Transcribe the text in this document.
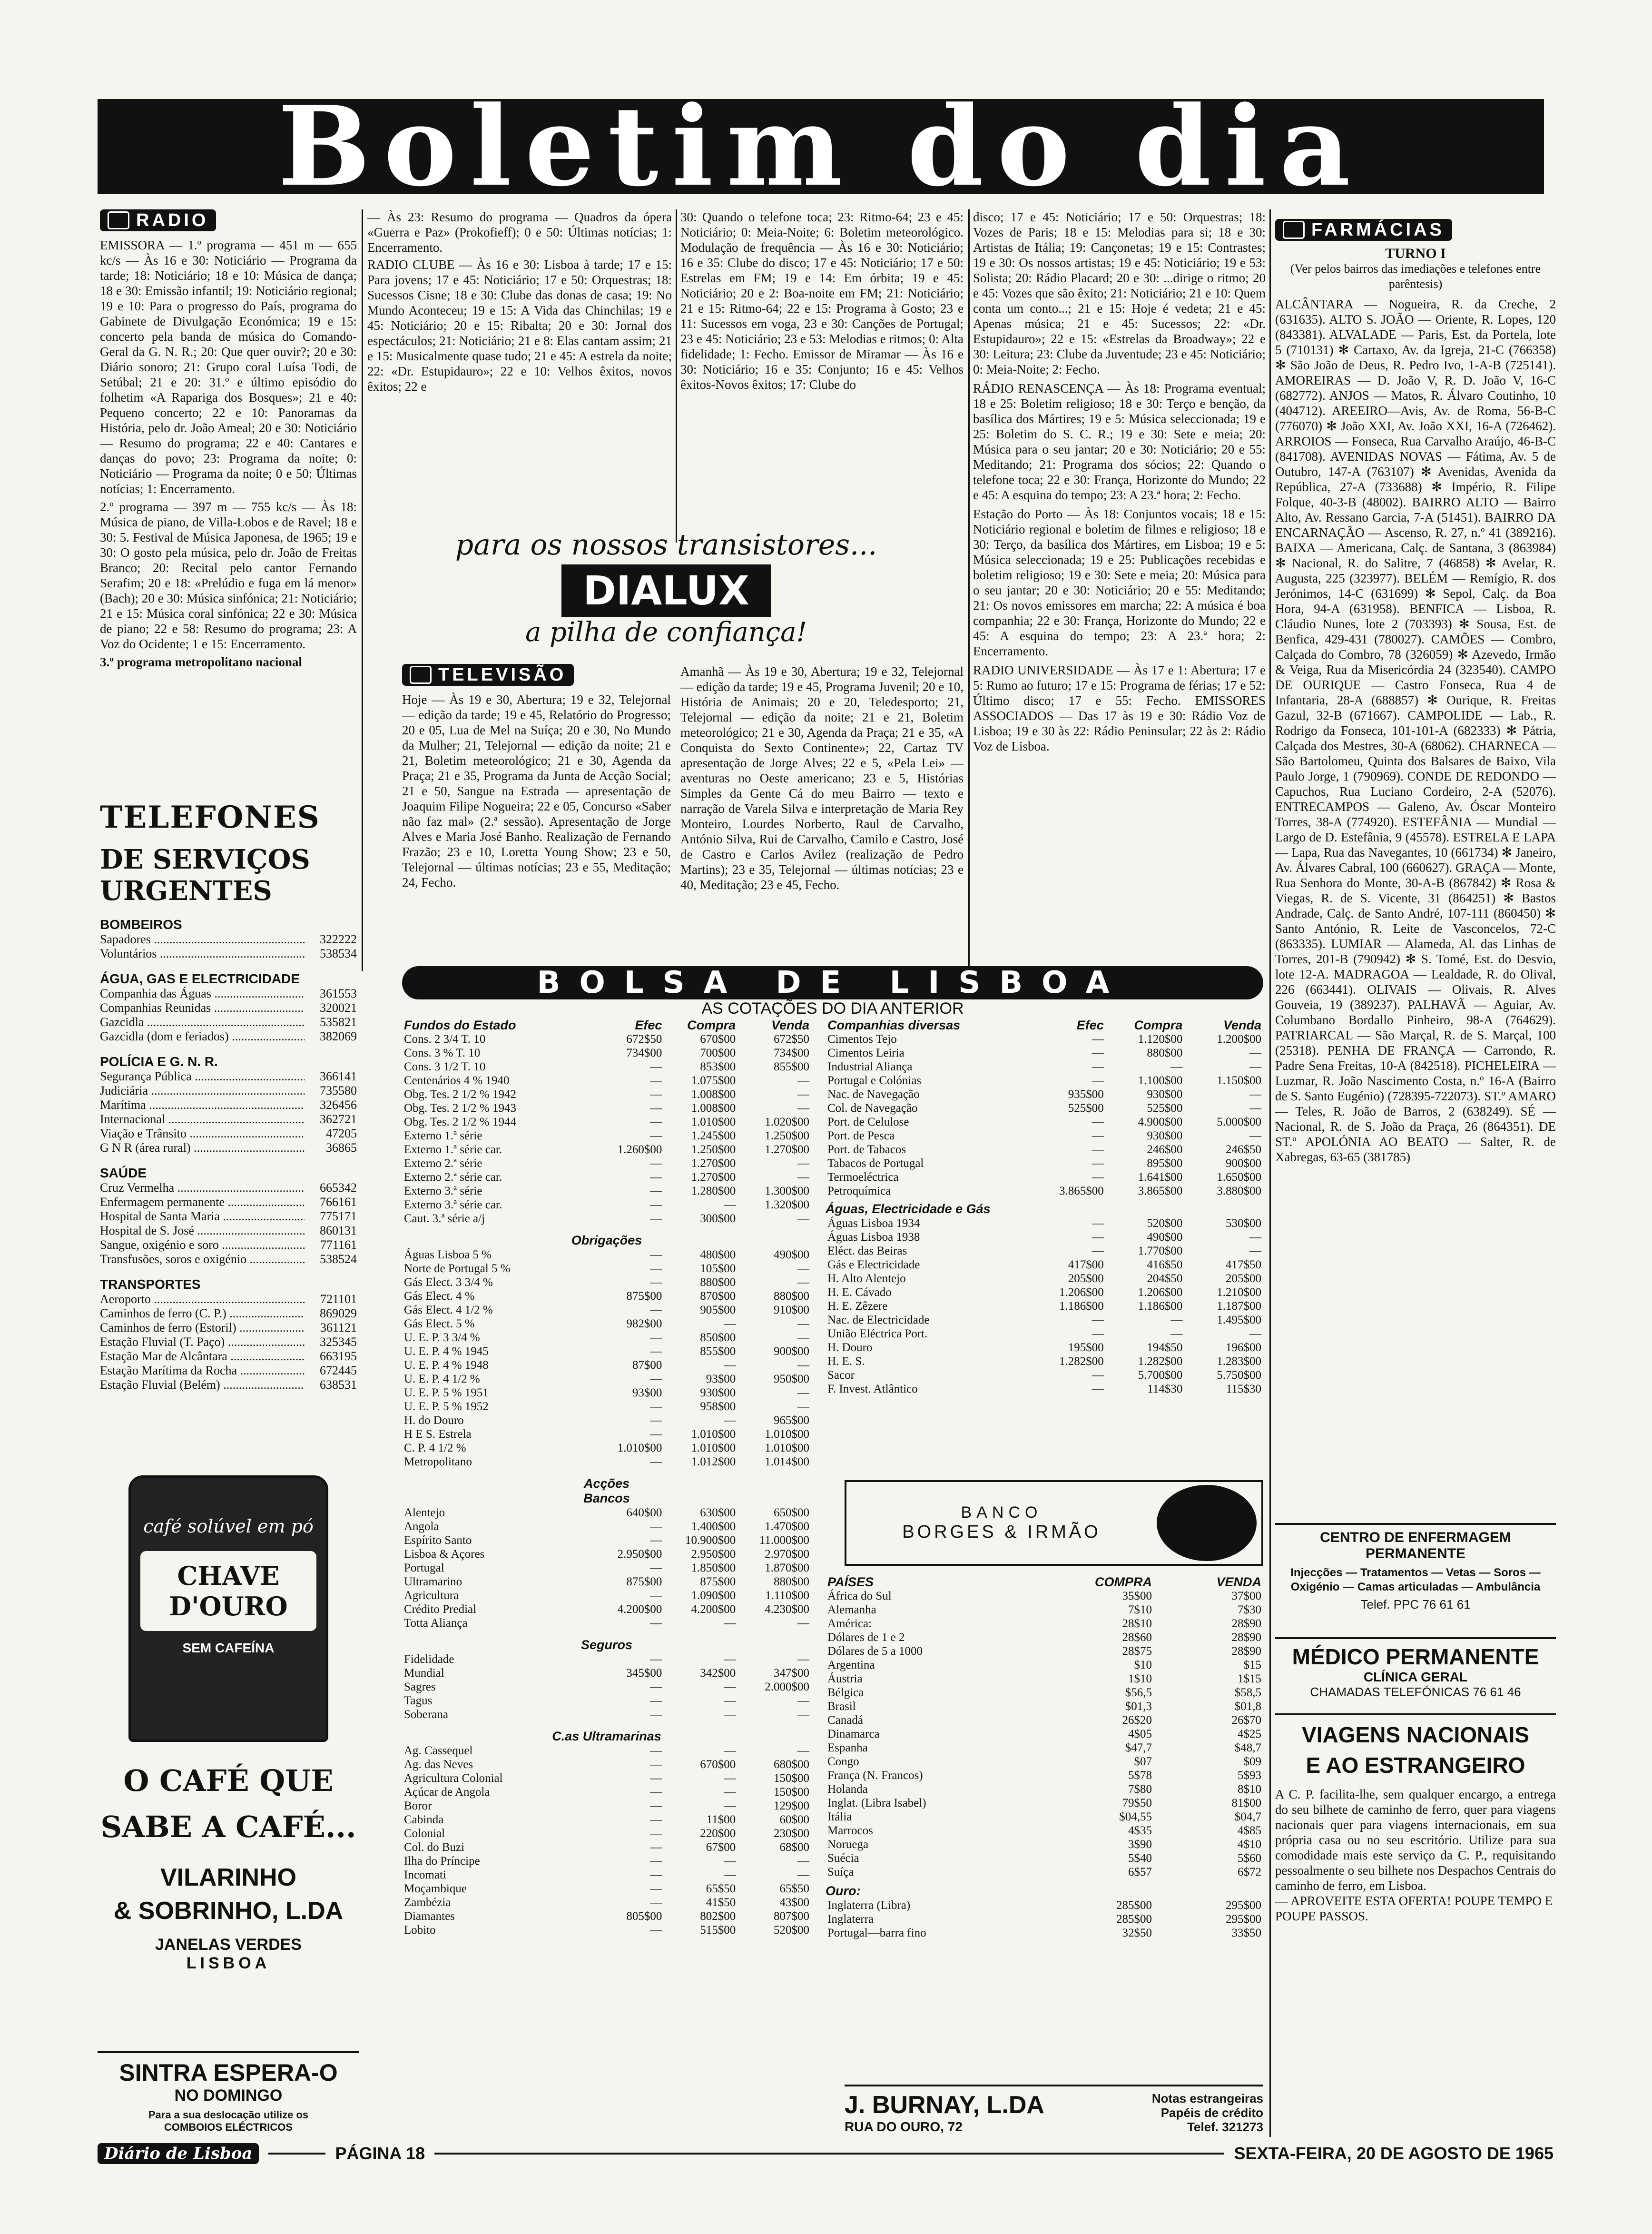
Boletim do dia
RADIO

EMISSORA — 1.º programa — 451 m — 655 kc/s — Às 16 e 30: Noticiário — Programa da tarde; 18: Noticiário; 18 e 10: Música de dança; 18 e 30: Emissão infantil; 19: Noticiário regional; 19 e 10: Para o progresso do País, programa do Gabinete de Divulgação Económica; 19 e 15: concerto pela banda de música do Comando-Geral da G. N. R.; 20: Que quer ouvir?; 20 e 30: Diário sonoro; 21: Grupo coral Luísa Todi, de Setúbal; 21 e 20: 31.º e último episódio do folhetim «A Rapariga dos Bosques»; 21 e 40: Pequeno concerto; 22 e 10: Panoramas da História, pelo dr. João Ameal; 20 e 30: Noticiário — Resumo do programa; 22 e 40: Cantares e danças do povo; 23: Programa da noite; 0: Noticiário — Programa da noite; 0 e 50: Últimas notícias; 1: Encerramento.

2.º programa — 397 m — 755 kc/s — Às 18: Música de piano, de Villa-Lobos e de Ravel; 18 e 30: 5. Festival de Música Japonesa, de 1965; 19 e 30: O gosto pela música, pelo dr. João de Freitas Branco; 20: Recital pelo cantor Fernando Serafim; 20 e 18: «Prelúdio e fuga em lá menor» (Bach); 20 e 30: Música sinfónica; 21: Noticiário; 21 e 15: Música coral sinfónica; 22 e 30: Música de piano; 22 e 58: Resumo do programa; 23: A Voz do Ocidente; 1 e 15: Encerramento.

3.º programa metropolitano nacional

— Às 23: Resumo do programa — Quadros da ópera «Guerra e Paz» (Prokofieff); 0 e 50: Últimas notícias; 1: Encerramento.

RADIO CLUBE — Às 16 e 30: Lisboa à tarde; 17 e 15: Para jovens; 17 e 45: Noticiário; 17 e 50: Orquestras; 18: Sucessos Cisne; 18 e 30: Clube das donas de casa; 19: No Mundo Aconteceu; 19 e 15: A Vida das Chinchilas; 19 e 45: Noticiário; 20 e 15: Ribalta; 20 e 30: Jornal dos espectáculos; 21: Noticiário; 21 e 8: Elas cantam assim; 21 e 15: Musicalmente quase tudo; 21 e 45: A estrela da noite; 22: «Dr. Estupidauro»; 22 e 10: Velhos êxitos, novos êxitos; 22 e

30: Quando o telefone toca; 23: Ritmo-64; 23 e 45: Noticiário; 0: Meia-Noite; 6: Boletim meteorológico. Modulação de frequência — Às 16 e 30: Noticiário; 16 e 35: Clube do disco; 17 e 45: Noticiário; 17 e 50: Estrelas em FM; 19 e 14: Em órbita; 19 e 45: Noticiário; 20 e 2: Boa-noite em FM; 21: Noticiário; 21 e 15: Ritmo-64; 22 e 15: Programa à Gosto; 23 e 11: Sucessos em voga, 23 e 30: Canções de Portugal; 23 e 45: Noticiário; 23 e 53: Melodias e ritmos; 0: Alta fidelidade; 1: Fecho. Emissor de Miramar — Às 16 e 30: Noticiário; 16 e 35: Conjunto; 16 e 45: Velhos êxitos-Novos êxitos; 17: Clube do

disco; 17 e 45: Noticiário; 17 e 50: Orquestras; 18: Vozes de Paris; 18 e 15: Melodias para si; 18 e 30: Artistas de Itália; 19: Cançonetas; 19 e 15: Contrastes; 19 e 30: Os nossos artistas; 19 e 45: Noticiário; 19 e 53: Solista; 20: Rádio Placard; 20 e 30: ...dirige o ritmo; 20 e 45: Vozes que são êxito; 21: Noticiário; 21 e 10: Quem conta um conto...; 21 e 15: Hoje é vedeta; 21 e 45: Apenas música; 21 e 45: Sucessos; 22: «Dr. Estupidauro»; 22 e 15: «Estrelas da Broadway»; 22 e 30: Leitura; 23: Clube da Juventude; 23 e 45: Noticiário; 0: Meia-Noite; 2: Fecho.

RÁDIO RENASCENÇA — Às 18: Programa eventual; 18 e 25: Boletim religioso; 18 e 30: Terço e benção, da basílica dos Mártires; 19 e 5: Música seleccionada; 19 e 25: Boletim do S. C. R.; 19 e 30: Sete e meia; 20: Música para o seu jantar; 20 e 30: Noticiário; 20 e 55: Meditando; 21: Programa dos sócios; 22: Quando o telefone toca; 22 e 30: França, Horizonte do Mundo; 22 e 45: A esquina do tempo; 23: A 23.ª hora; 2: Fecho.

Estação do Porto — Às 18: Conjuntos vocais; 18 e 15: Noticiário regional e boletim de filmes e religioso; 18 e 30: Terço, da basílica dos Mártires, em Lisboa; 19 e 5: Música seleccionada; 19 e 25: Publicações recebidas e boletim religioso; 19 e 30: Sete e meia; 20: Música para o seu jantar; 20 e 30: Noticiário; 20 e 55: Meditando; 21: Os novos emissores em marcha; 22: A música é boa companhia; 22 e 30: França, Horizonte do Mundo; 22 e 45: A esquina do tempo; 23: A 23.ª hora; 2: Encerramento.

RADIO UNIVERSIDADE — Às 17 e 1: Abertura; 17 e 5: Rumo ao futuro; 17 e 15: Programa de férias; 17 e 52: Último disco; 17 e 55: Fecho. EMISSORES ASSOCIADOS — Das 17 às 19 e 30: Rádio Voz de Lisboa; 19 e 30 às 22: Rádio Peninsular; 22 às 2: Rádio Voz de Lisboa.

para os nossos transistores...
DIALUX
a pilha de confiança!
TELEVISÃO

Hoje — Às 19 e 30, Abertura; 19 e 32, Telejornal — edição da tarde; 19 e 45, Relatório do Progresso; 20 e 05, Lua de Mel na Suíça; 20 e 30, No Mundo da Mulher; 21, Telejornal — edição da noite; 21 e 21, Boletim meteorológico; 21 e 30, Agenda da Praça; 21 e 35, Programa da Junta de Acção Social; 21 e 50, Sangue na Estrada — apresentação de Joaquim Filipe Nogueira; 22 e 05, Concurso «Saber não faz mal» (2.ª sessão). Apresentação de Jorge Alves e Maria José Banho. Realização de Fernando Frazão; 23 e 10, Loretta Young Show; 23 e 50, Telejornal — últimas notícias; 23 e 55, Meditação; 24, Fecho.

Amanhã — Às 19 e 30, Abertura; 19 e 32, Telejornal — edição da tarde; 19 e 45, Programa Juvenil; 20 e 10, História de Animais; 20 e 20, Teledesporto; 21, Telejornal — edição da noite; 21 e 21, Boletim meteorológico; 21 e 30, Agenda da Praça; 21 e 35, «A Conquista do Sexto Continente»; 22, Cartaz TV apresentação de Jorge Alves; 22 e 5, «Pela Lei» — aventuras no Oeste americano; 23 e 5, Histórias Simples da Gente Cá do meu Bairro — texto e narração de Varela Silva e interpretação de Maria Rey Monteiro, Lourdes Norberto, Raul de Carvalho, António Silva, Rui de Carvalho, Camilo e Castro, José de Castro e Carlos Avilez (realização de Pedro Martins); 23 e 35, Telejornal — últimas notícias; 23 e 40, Meditação; 23 e 45, Fecho.

TELEFONES
DE SERVIÇOS URGENTES
BOMBEIROS
Sapadores .....	322222
Voluntários .....	538534
ÁGUA, GAS E ELECTRICIDADE
Companhia das Águas .....	361553
Companhias Reunidas .....	320021
Gazcidla .....	535821
Gazcidla (dom e feriados) .....	382069
POLÍCIA E G. N. R.
Segurança Pública .....	366141
Judiciária .....	735580
Marítima .....	326456
Internacional .....	362721
Viação e Trânsito .....	47205
G N R (área rural) .....	36865
SAÚDE
Cruz Vermelha .....	665342
Enfermagem permanente .....	766161
Hospital de Santa Maria .....	775171
Hospital de S. José .....	860131
Sangue, oxigénio e soro .....	771161
Transfusões, soros e oxigénio .....	538524
TRANSPORTES
Aeroporto .....	721101
Caminhos de ferro (C. P.) .....	869029
Caminhos de ferro (Estoril) .....	361121
Estação Fluvial (T. Paço) .....	325345
Estação Mar de Alcântara .....	663195
Estação Marítima da Rocha .....	672445
Estação Fluvial (Belém) .....	638531
café solúvel em pó
CHAVE D'OURO
SEM CAFEÍNA
O CAFÉ QUE
SABE A CAFÉ...
VILARINHO
& SOBRINHO, L.DA
JANELAS VERDES
LISBOA
SINTRA ESPERA-O
NO DOMINGO
Para a sua deslocação utilize os
COMBOIOS ELÉCTRICOS
BOLSA DE LISBOA
AS COTAÇÕES DO DIA ANTERIOR
Fundos do Estado	Efec	Compra	Venda
Cons. 2 3/4 T. 10	672$50	670$00	672$50
Cons. 3 % T. 10	734$00	700$00	734$00
Cons. 3 1/2 T. 10	—	853$00	855$00
Centenários 4 % 1940	—	1.075$00	—
Obg. Tes. 2 1/2 % 1942	—	1.008$00	—
Obg. Tes. 2 1/2 % 1943	—	1.008$00	—
Obg. Tes. 2 1/2 % 1944	—	1.010$00	1.020$00
Externo 1.ª série	—	1.245$00	1.250$00
Externo 1.ª série car.	1.260$00	1.250$00	1.270$00
Externo 2.ª série	—	1.270$00	—
Externo 2.ª série car.	—	1.270$00	—
Externo 3.ª série	—	1.280$00	1.300$00
Externo 3.ª série car.	—	—	1.320$00
Caut. 3.ª série a/j	—	300$00	—
Obrigações
Águas Lisboa 5 %	—	480$00	490$00
Norte de Portugal 5 %	—	105$00	—
Gás Elect. 3 3/4 %	—	880$00	—
Gás Elect. 4 %	875$00	870$00	880$00
Gás Elect. 4 1/2 %	—	905$00	910$00
Gás Elect. 5 %	982$00	—	—
U. E. P. 3 3/4 %	—	850$00	—
U. E. P. 4 % 1945	—	855$00	900$00
U. E. P. 4 % 1948	87$00	—	—
U. E. P. 4 1/2 %	—	93$00	950$00
U. E. P. 5 % 1951	93$00	930$00	—
U. E. P. 5 % 1952	—	958$00	—
H. do Douro	—	—	965$00
H E S. Estrela	—	1.010$00	1.010$00
C. P. 4 1/2 %	1.010$00	1.010$00	1.010$00
Metropolitano	—	1.012$00	1.014$00
Acções
Bancos
Alentejo	640$00	630$00	650$00
Angola	—	1.400$00	1.470$00
Espírito Santo	—	10.900$00	11.000$00
Lisboa & Açores	2.950$00	2.950$00	2.970$00
Portugal	—	1.850$00	1.870$00
Ultramarino	875$00	875$00	880$00
Agricultura	—	1.090$00	1.110$00
Crédito Predial	4.200$00	4.200$00	4.230$00
Totta Aliança	—	—	—
Seguros
Fidelidade	—	—	—
Mundial	345$00	342$00	347$00
Sagres	—	—	2.000$00
Tagus	—	—	—
Soberana	—	—	—
C.as Ultramarinas
Ag. Cassequel	—	—	—
Ag. das Neves	—	670$00	680$00
Agricultura Colonial	—	—	150$00
Açúcar de Angola	—	—	150$00
Boror	—	—	129$00
Cabinda	—	11$00	60$00
Colonial	—	220$00	230$00
Col. do Buzi	—	67$00	68$00
Ilha do Príncipe	—	—	—
Incomati	—	—	—
Moçambique	—	65$50	65$50
Zambézia	—	41$50	43$00
Diamantes	805$00	802$00	807$00
Lobito	—	515$00	520$00
Companhias diversas	Efec	Compra	Venda
Cimentos Tejo	—	1.120$00	1.200$00
Cimentos Leiria	—	880$00	—
Industrial Aliança	—	—	—
Portugal e Colónias	—	1.100$00	1.150$00
Nac. de Navegação	935$00	930$00	—
Col. de Navegação	525$00	525$00	—
Port. de Celulose	—	4.900$00	5.000$00
Port. de Pesca	—	930$00	—
Port. de Tabacos	—	246$00	246$50
Tabacos de Portugal	—	895$00	900$00
Termoeléctrica	—	1.641$00	1.650$00
Petroquímica	3.865$00	3.865$00	3.880$00
Águas, Electricidade e Gás
Águas Lisboa 1934	—	520$00	530$00
Águas Lisboa 1938	—	490$00	—
Eléct. das Beiras	—	1.770$00	—
Gás e Electricidade	417$00	416$50	417$50
H. Alto Alentejo	205$00	204$50	205$00
H. E. Cávado	1.206$00	1.206$00	1.210$00
H. E. Zêzere	1.186$00	1.186$00	1.187$00
Nac. de Electricidade	—	—	1.495$00
União Eléctrica Port.	—	—	—
H. Douro	195$00	194$50	196$00
H. E. S.	1.282$00	1.282$00	1.283$00
Sacor	—	5.700$00	5.750$00
F. Invest. Atlântico	—	114$30	115$30
BANCO
BORGES & IRMÃO
PAÍSES	COMPRA	VENDA
África do Sul	35$00	37$00
Alemanha	7$10	7$30
América:	28$10	28$90
Dólares de 1 e 2	28$60	28$90
Dólares de 5 a 1000	28$75	28$90
Argentina	$10	$15
Áustria	1$10	1$15
Bélgica	$56,5	$58,5
Brasil	$01,3	$01,8
Canadá	26$20	26$70
Dinamarca	4$05	4$25
Espanha	$47,7	$48,7
Congo	$07	$09
França (N. Francos)	5$78	5$93
Holanda	7$80	8$10
Inglat. (Libra Isabel)	79$50	81$00
Itália	$04,55	$04,7
Marrocos	4$35	4$85
Noruega	3$90	4$10
Suécia	5$40	5$60
Suíça	6$57	6$72
Ouro:
Inglaterra (Libra)	285$00	295$00
Inglaterra	285$00	295$00
Portugal—barra fino	32$50	33$50
J. BURNAY, L.DA
RUA DO OURO, 72
Notas estrangeiras
Papéis de crédito
Telef. 321273
FARMÁCIAS
TURNO I
(Ver pelos bairros das imediações e telefones entre parêntesis)

ALCÂNTARA — Nogueira, R. da Creche, 2 (631635). ALTO S. JOÃO — Oriente, R. Lopes, 120 (843381). ALVALADE — Paris, Est. da Portela, lote 5 (710131) ✻ Cartaxo, Av. da Igreja, 21-C (766358) ✻ São João de Deus, R. Pedro Ivo, 1-A-B (725141). AMOREIRAS — D. João V, R. D. João V, 16-C (682772). ANJOS — Matos, R. Álvaro Coutinho, 10 (404712). AREEIRO—Avis, Av. de Roma, 56-B-C (776070) ✻ João XXI, Av. João XXI, 16-A (726462). ARROIOS — Fonseca, Rua Carvalho Araújo, 46-B-C (841708). AVENIDAS NOVAS — Fátima, Av. 5 de Outubro, 147-A (763107) ✻ Avenidas, Avenida da República, 27-A (733688) ✻ Império, R. Filipe Folque, 40-3-B (48002). BAIRRO ALTO — Bairro Alto, Av. Ressano Garcia, 7-A (51451). BAIRRO DA ENCARNAÇÃO — Ascenso, R. 27, n.º 41 (389216). BAIXA — Americana, Calç. de Santana, 3 (863984) ✻ Nacional, R. do Salitre, 7 (46858) ✻ Avelar, R. Augusta, 225 (323977). BELÉM — Remígio, R. dos Jerónimos, 14-C (631699) ✻ Sepol, Calç. da Boa Hora, 94-A (631958). BENFICA — Lisboa, R. Cláudio Nunes, lote 2 (703393) ✻ Sousa, Est. de Benfica, 429-431 (780027). CAMÕES — Combro, Calçada do Combro, 78 (326059) ✻ Azevedo, Irmão & Veiga, Rua da Misericórdia 24 (323540). CAMPO DE OURIQUE — Castro Fonseca, Rua 4 de Infantaria, 28-A (688857) ✻ Ourique, R. Freitas Gazul, 32-B (671667). CAMPOLIDE — Lab., R. Rodrigo da Fonseca, 101-101-A (682333) ✻ Pátria, Calçada dos Mestres, 30-A (68062). CHARNECA — São Bartolomeu, Quinta dos Balsares de Baixo, Vila Paulo Jorge, 1 (790969). CONDE DE REDONDO — Capuchos, Rua Luciano Cordeiro, 2-A (52076). ENTRECAMPOS — Galeno, Av. Óscar Monteiro Torres, 38-A (774920). ESTEFÂNIA — Mundial — Largo de D. Estefânia, 9 (45578). ESTRELA E LAPA — Lapa, Rua das Navegantes, 10 (661734) ✻ Janeiro, Av. Álvares Cabral, 100 (660627). GRAÇA — Monte, Rua Senhora do Monte, 30-A-B (867842) ✻ Rosa & Viegas, R. de S. Vicente, 31 (864251) ✻ Bastos Andrade, Calç. de Santo André, 107-111 (860450) ✻ Santo António, R. Leite de Vasconcelos, 72-C (863335). LUMIAR — Alameda, Al. das Linhas de Torres, 201-B (790942) ✻ S. Tomé, Est. do Desvio, lote 12-A. MADRAGOA — Lealdade, R. do Olival, 226 (663441). OLIVAIS — Olivais, R. Alves Gouveia, 19 (389237). PALHAVÃ — Aguiar, Av. Columbano Bordallo Pinheiro, 98-A (764629). PATRIARCAL — São Marçal, R. de S. Marçal, 100 (25318). PENHA DE FRANÇA — Carrondo, R. Padre Sena Freitas, 10-A (842518). PICHELEIRA — Luzmar, R. João Nascimento Costa, n.º 16-A (Bairro de S. Santo Eugénio) (728395-722073). ST.º AMARO — Teles, R. João de Barros, 2 (638249). SÉ — Nacional, R. de S. João da Praça, 26 (864351). DE ST.º APOLÓNIA AO BEATO — Salter, R. de Xabregas, 63-65 (381785)

CENTRO DE ENFERMAGEM
PERMANENTE
Injecções — Tratamentos — Vetas — Soros — Oxigénio — Camas articuladas — Ambulância
Telef. PPC 76 61 61
MÉDICO PERMANENTE
CLÍNICA GERAL
CHAMADAS TELEFÓNICAS 76 61 46
VIAGENS NACIONAIS
E AO ESTRANGEIRO

A C. P. facilita-lhe, sem qualquer encargo, a entrega do seu bilhete de caminho de ferro, quer para viagens nacionais quer para viagens internacionais, em sua própria casa ou no seu escritório. Utilize para sua comodidade mais este serviço da C. P., requisitando pessoalmente o seu bilhete nos Despachos Centrais do caminho de ferro, em Lisboa.

— APROVEITE ESTA OFERTA! POUPE TEMPO E POUPE PASSOS.

Diário de Lisboa	PÁGINA 18	SEXTA-FEIRA, 20 DE AGOSTO DE 1965
